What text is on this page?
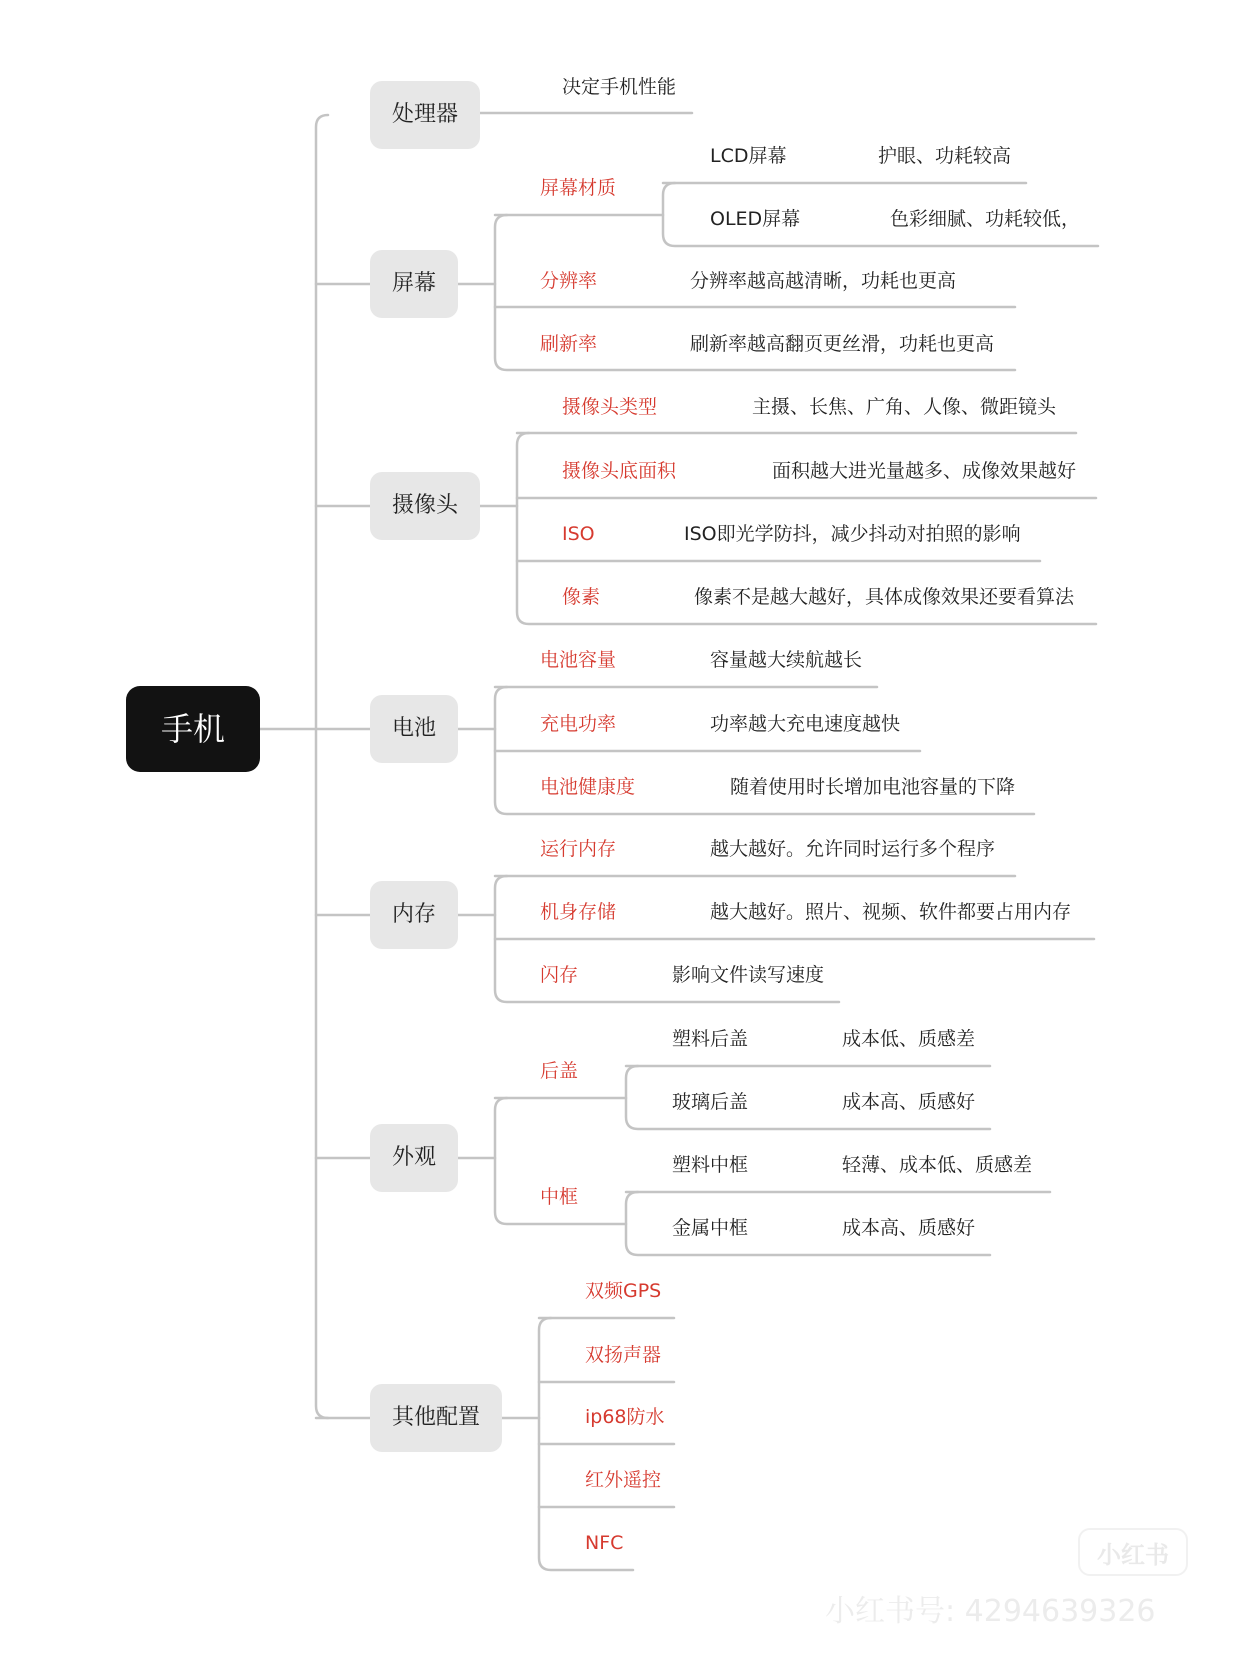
手机
处理器
屏幕
摄像头
电池
内存
外观
其他配置
决定手机性能
屏幕材质
LCD屏幕	护眼、功耗较高
OLED屏幕	色彩细腻、功耗较低，
分辨率	分辨率越高越清晰，功耗也更高
刷新率	刷新率越高翻页更丝滑，功耗也更高
摄像头类型	主摄、长焦、广角、人像、微距镜头
摄像头底面积	面积越大进光量越多、成像效果越好
ISO	ISO即光学防抖，减少抖动对拍照的影响
像素	像素不是越大越好，具体成像效果还要看算法
电池容量	容量越大续航越长
充电功率	功率越大充电速度越快
电池健康度	随着使用时长增加电池容量的下降
运行内存	越大越好。允许同时运行多个程序
机身存储	越大越好。照片、视频、软件都要占用内存
闪存	影响文件读写速度
后盖
塑料后盖	成本低、质感差
玻璃后盖	成本高、质感好
中框
塑料中框	轻薄、成本低、质感差
金属中框	成本高、质感好
双频GPS
双扬声器
ip68防水
红外遥控
NFC	小红书
小红书号: 4294639326
